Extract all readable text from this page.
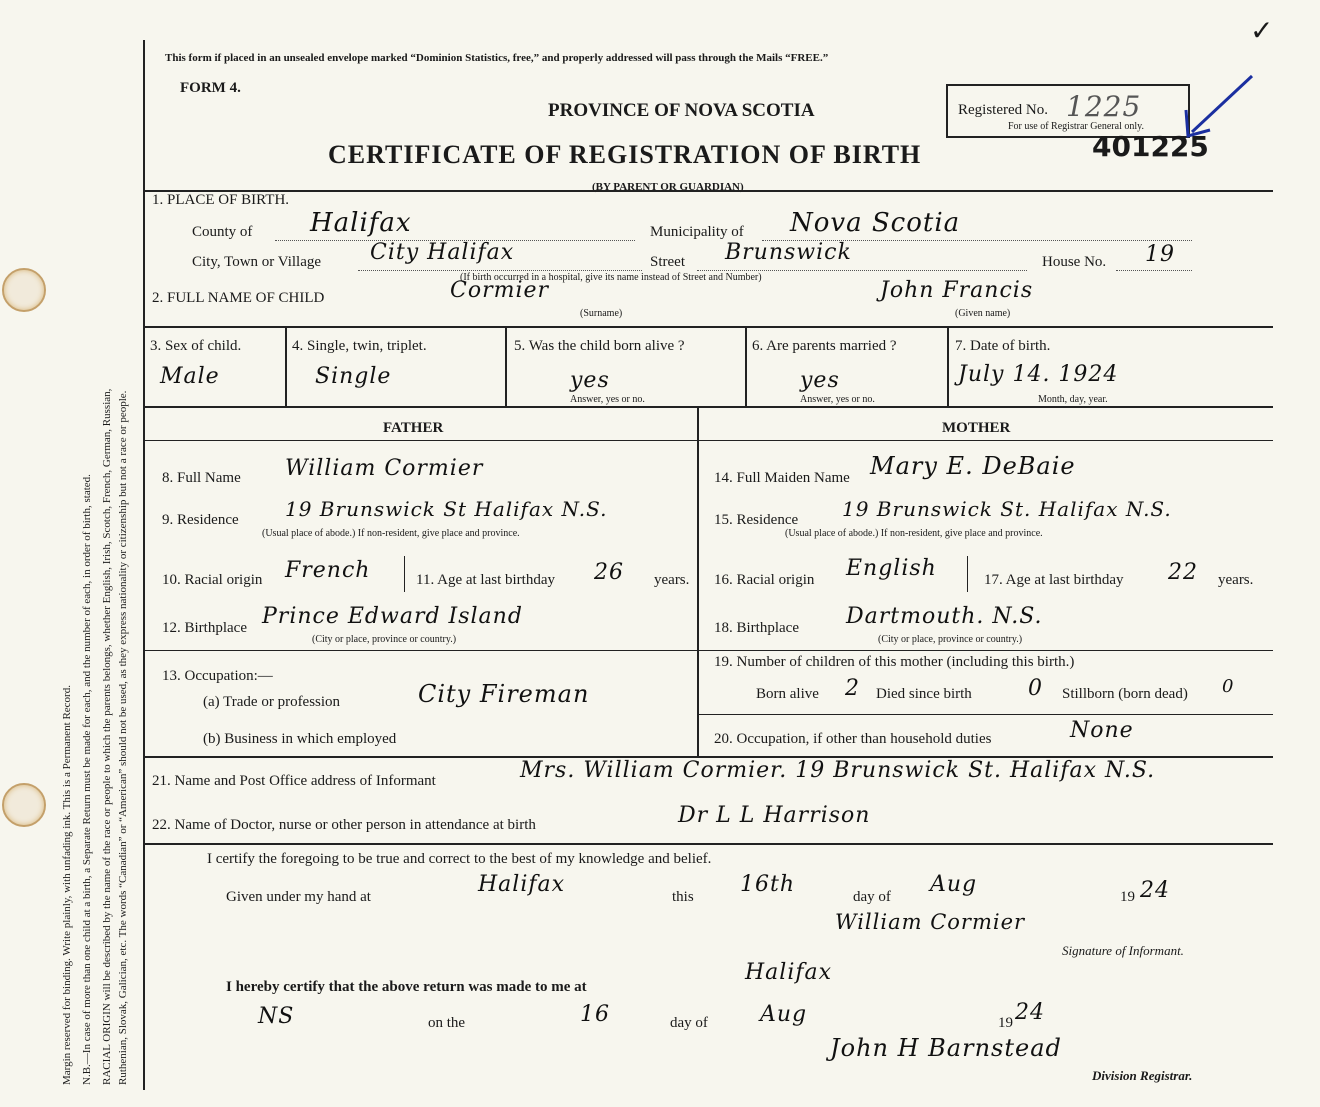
Margin reserved for binding. Write plainly, with unfading ink. This is a Permanent Record. N.B.—In case of more than one child at a birth, a Separate Return must be made for each, and the number of each, in order of birth, stated. RACIAL ORIGIN will be described by the name of the race or people to which the parents belongs, whether English, Irish, Scotch, French, German, Russian, Ruthenian, Slovak, Galician, etc. The words “Canadian” or “American” should not be used, as they express nationality or citizenship but not a race or people.
This form if placed in an unsealed envelope marked “Dominion Statistics, free,” and properly addressed will pass through the Mails “FREE.”
FORM 4.
PROVINCE OF NOVA SCOTIA
CERTIFICATE OF REGISTRATION OF BIRTH
(BY PARENT OR GUARDIAN)
Registered No. 1225
For use of Registrar General only.
401225
✓
1. PLACE OF BIRTH.
County of Halifax	Municipality of Nova Scotia
City, Town or Village City Halifax	Street Brunswick	House No. 19
(If birth occurred in a hospital, give its name instead of Street and Number)
2. FULL NAME OF CHILD	Cormier
(Surname)
John Francis
(Given name)
3. Sex of child.
Male
4. Single, twin, triplet.
Single
5. Was the child born alive ?
yes
Answer, yes or no.
6. Are parents married ?
yes
Answer, yes or no.
7. Date of birth.
July 14. 1924
Month, day, year.
FATHER	MOTHER
8. Full Name William Cormier
9. Residence 19 Brunswick St Halifax N.S.
(Usual place of abode.) If non-resident, give place and province.
10. Racial origin French	11. Age at last birthday 26 years.
12. Birthplace Prince Edward Island
(City or place, province or country.)
13. Occupation:—
(a) Trade or profession	City Fireman
(b) Business in which employed
14. Full Maiden Name Mary E. DeBaie
15. Residence 19 Brunswick St. Halifax N.S.
(Usual place of abode.) If non-resident, give place and province.
16. Racial origin English	17. Age at last birthday 22 years.
18. Birthplace Dartmouth. N.S.
(City or place, province or country.)
19. Number of children of this mother (including this birth.)
Born alive 2 Died since birth	0 Stillborn (born dead) 0
20. Occupation, if other than household duties	None
21. Name and Post Office address of Informant	Mrs. William Cormier. 19 Brunswick St. Halifax N.S.
22. Name of Doctor, nurse or other person in attendance at birth	Dr L L Harrison
I certify the foregoing to be true and correct to the best of my knowledge and belief.
Given under my hand at	Halifax	this 16th	day of Aug	19 24
William Cormier
Signature of Informant.
I hereby certify that the above return was made to me at
Halifax
NS	on the	16	day of Aug	19 24
John H Barnstead
Division Registrar.
